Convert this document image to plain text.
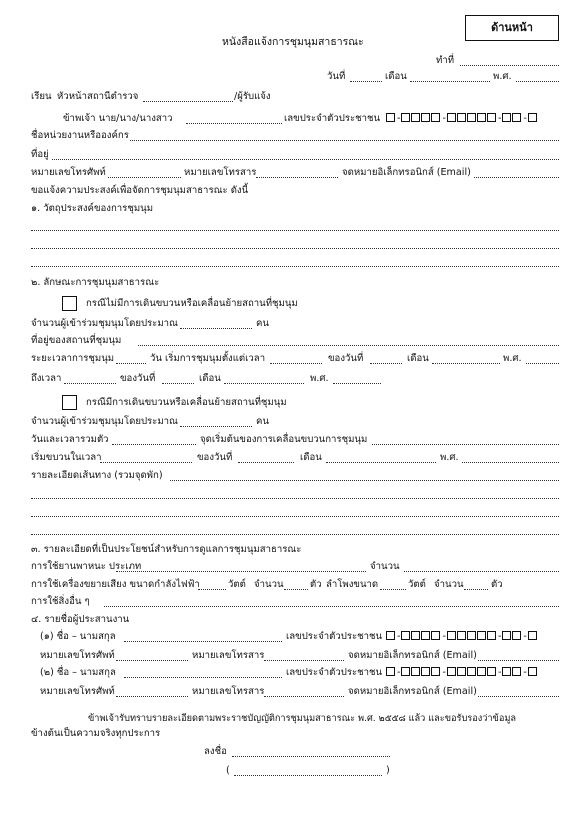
ด้านหน้า
หนังสือแจ้งการชุมนุมสาธารณะ
ทำที่
วันที่	เดือน	พ.ศ.
เรียน หัวหน้าสถานีตำรวจ	/ผู้รับแจ้ง
ข้าพเจ้า นาย/นาง/นางสาว	เลขประจำตัวประชาชน	-	-	- -
ชื่อหน่วยงานหรือองค์กร
ที่อยู่
หมายเลขโทรศัพท์	หมายเลขโทรสาร	จดหมายอิเล็กทรอนิกส์ (Email)
ขอแจ้งความประสงค์เพื่อจัดการชุมนุมสาธารณะ ดังนี้
๑. วัตถุประสงค์ของการชุมนุม
๒. ลักษณะการชุมนุมสาธารณะ
กรณีไม่มีการเดินขบวนหรือเคลื่อนย้ายสถานที่ชุมนุม
จำนวนผู้เข้าร่วมชุมนุมโดยประมาณ	คน
ที่อยู่ของสถานที่ชุมนุม
ระยะเวลาการชุมนุม	วัน เริ่มการชุมนุมตั้งแต่เวลา	ของวันที่	เดือน	พ.ศ.
ถึงเวลา	ของวันที่	เดือน	พ.ศ.
กรณีมีการเดินขบวนหรือเคลื่อนย้ายสถานที่ชุมนุม
จำนวนผู้เข้าร่วมชุมนุมโดยประมาณ	คน
วันและเวลารวมตัว	จุดเริ่มต้นของการเคลื่อนขบวนการชุมนุม
เริ่มขบวนในเวลา	ของวันที่	เดือน	พ.ศ.
รายละเอียดเส้นทาง (รวมจุดพัก)
๓. รายละเอียดที่เป็นประโยชน์สำหรับการดูแลการชุมนุมสาธารณะ
การใช้ยานพาหนะ ประเภท	จำนวน
การใช้เครื่องขยายเสียง ขนาดกำลังไฟฟ้า	วัตต์ จำนวน	ตัว ลำโพงขนาด	วัตต์ จำนวน	ตัว
การใช้สิ่งอื่น ๆ
๔. รายชื่อผู้ประสานงาน
(๑) ชื่อ – นามสกุล	เลขประจำตัวประชาชน	-	-	- -
หมายเลขโทรศัพท์	หมายเลขโทรสาร	จดหมายอิเล็กทรอนิกส์ (Email)
(๒) ชื่อ – นามสกุล	เลขประจำตัวประชาชน	-	-	- -
หมายเลขโทรศัพท์	หมายเลขโทรสาร	จดหมายอิเล็กทรอนิกส์ (Email)
ข้าพเจ้ารับทราบรายละเอียดตามพระราชบัญญัติการชุมนุมสาธารณะ พ.ศ. ๒๕๕๘ แล้ว และขอรับรองว่าข้อมูล
ข้างต้นเป็นความจริงทุกประการ
ลงชื่อ
(	)
